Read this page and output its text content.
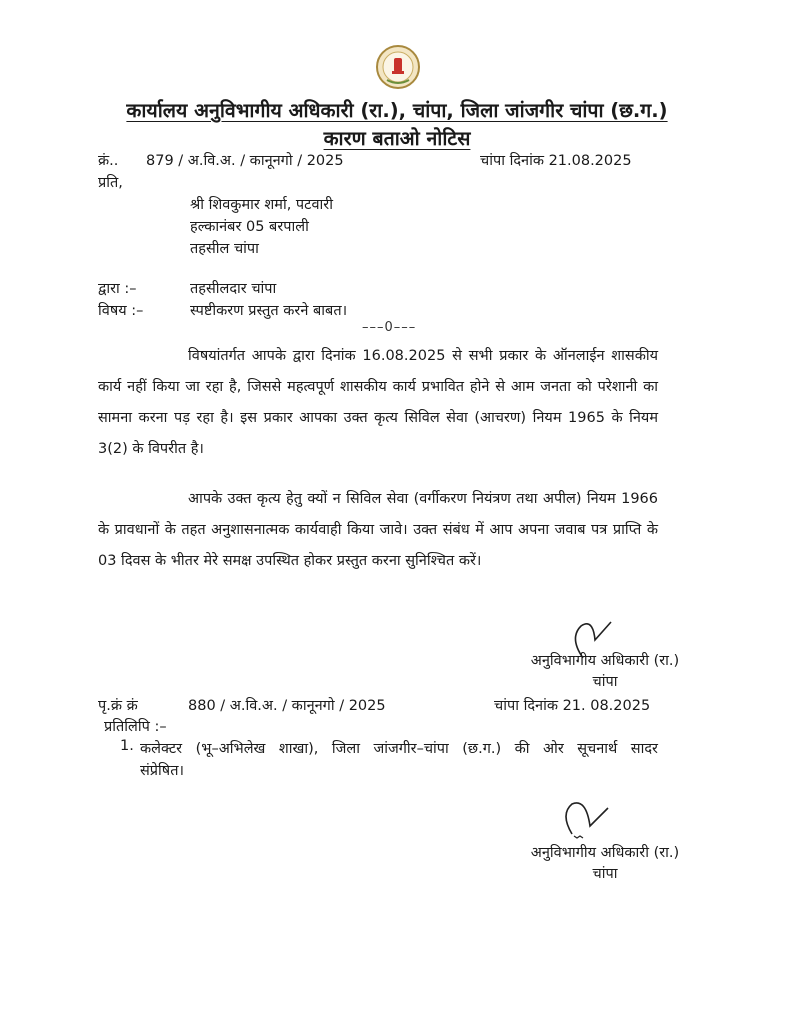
कार्यालय अनुविभागीय अधिकारी (रा.), चांपा, जिला जांजगीर चांपा (छ.ग.)
कारण बताओ नोटिस
क्रं.. 879 / अ.वि.अ. / कानूनगो / 2025	चांपा दिनांक 21.08.2025
प्रति,
श्री शिवकुमार शर्मा, पटवारी
हल्कानंबर 05 बरपाली
तहसील चांपा
द्वारा :–	तहसीलदार चांपा
विषय :–	स्पष्टीकरण प्रस्तुत करने बाबत।
–––0–––
विषयांतर्गत आपके द्वारा दिनांक 16.08.2025 से सभी प्रकार के ऑनलाईन शासकीय कार्य नहीं किया जा रहा है, जिससे महत्वपूर्ण शासकीय कार्य प्रभावित होने से आम जनता को परेशानी का सामना करना पड़ रहा है। इस प्रकार आपका उक्त कृत्य सिविल सेवा (आचरण) नियम 1965 के नियम 3(2) के विपरीत है।
आपके उक्त कृत्य हेतु क्यों न सिविल सेवा (वर्गीकरण नियंत्रण तथा अपील) नियम 1966 के प्रावधानों के तहत अनुशासनात्मक कार्यवाही किया जावे। उक्त संबंध में आप अपना जवाब पत्र प्राप्ति के 03 दिवस के भीतर मेरे समक्ष उपस्थित होकर प्रस्तुत करना सुनिश्चित करें।
अनुविभागीय अधिकारी (रा.)
चांपा
पृ.क्रं क्रं	880 / अ.वि.अ. / कानूनगो / 2025	चांपा दिनांक 21. 08.2025
प्रतिलिपि :–
1. कलेक्टर (भू–अभिलेख शाखा), जिला जांजगीर–चांपा (छ.ग.) की ओर सूचनार्थ सादर
संप्रेषित।
अनुविभागीय अधिकारी (रा.)
चांपा
